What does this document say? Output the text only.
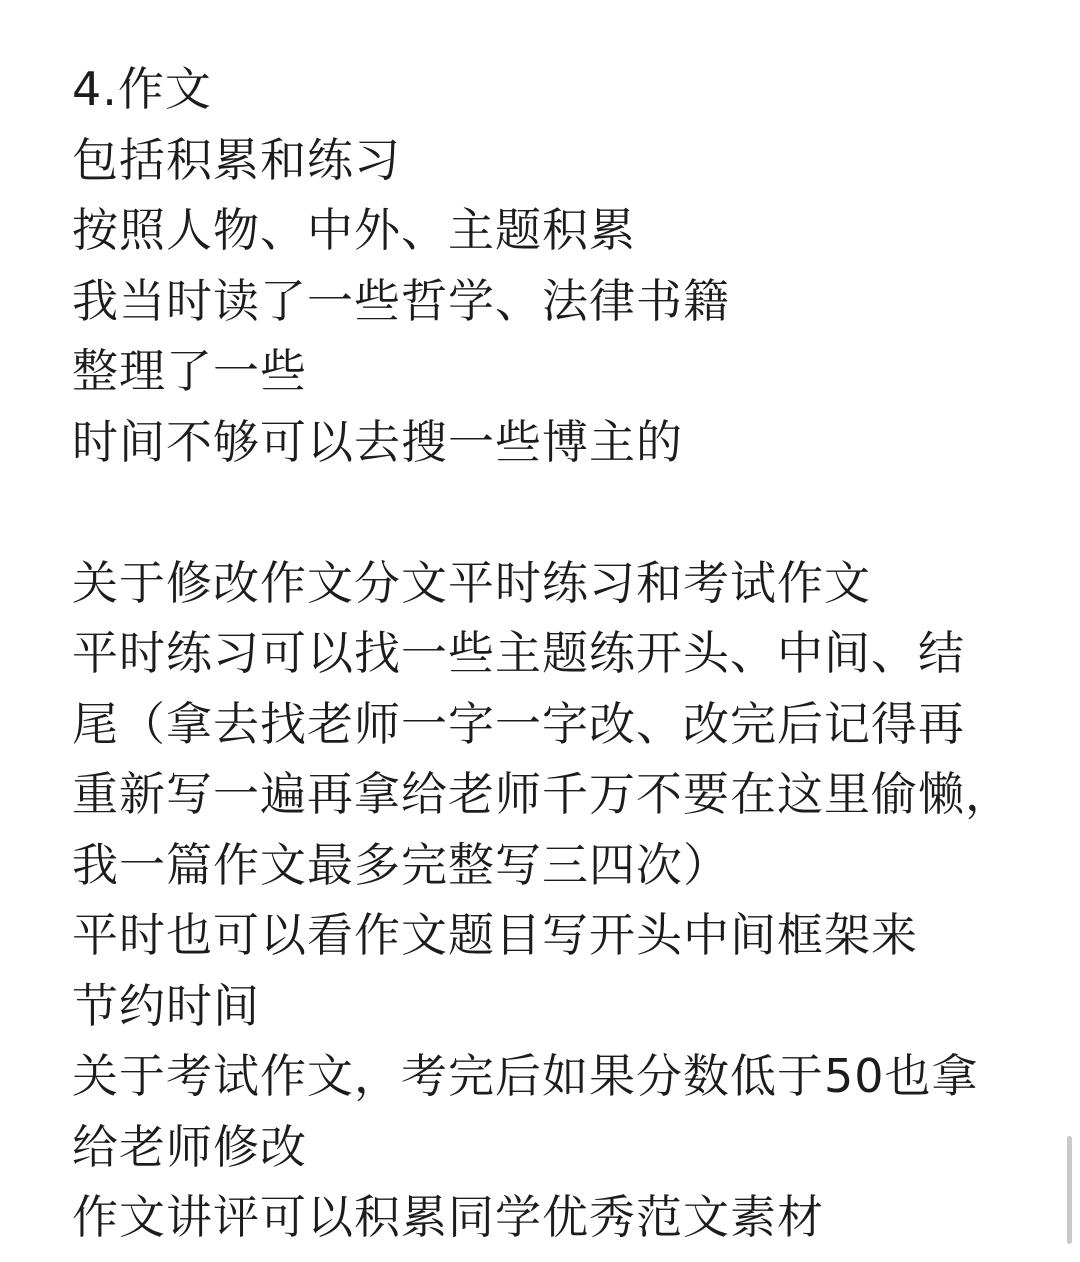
4.作文
包括积累和练习
按照人物、中外、主题积累
我当时读了一些哲学、法律书籍
整理了一些
时间不够可以去搜一些博主的
关于修改作文分文平时练习和考试作文
平时练习可以找一些主题练开头、中间、结
尾（拿去找老师一字一字改、改完后记得再
重新写一遍再拿给老师千万不要在这里偷懒，
我一篇作文最多完整写三四次）
平时也可以看作文题目写开头中间框架来
节约时间
关于考试作文，考完后如果分数低于50也拿
给老师修改
作文讲评可以积累同学优秀范文素材
